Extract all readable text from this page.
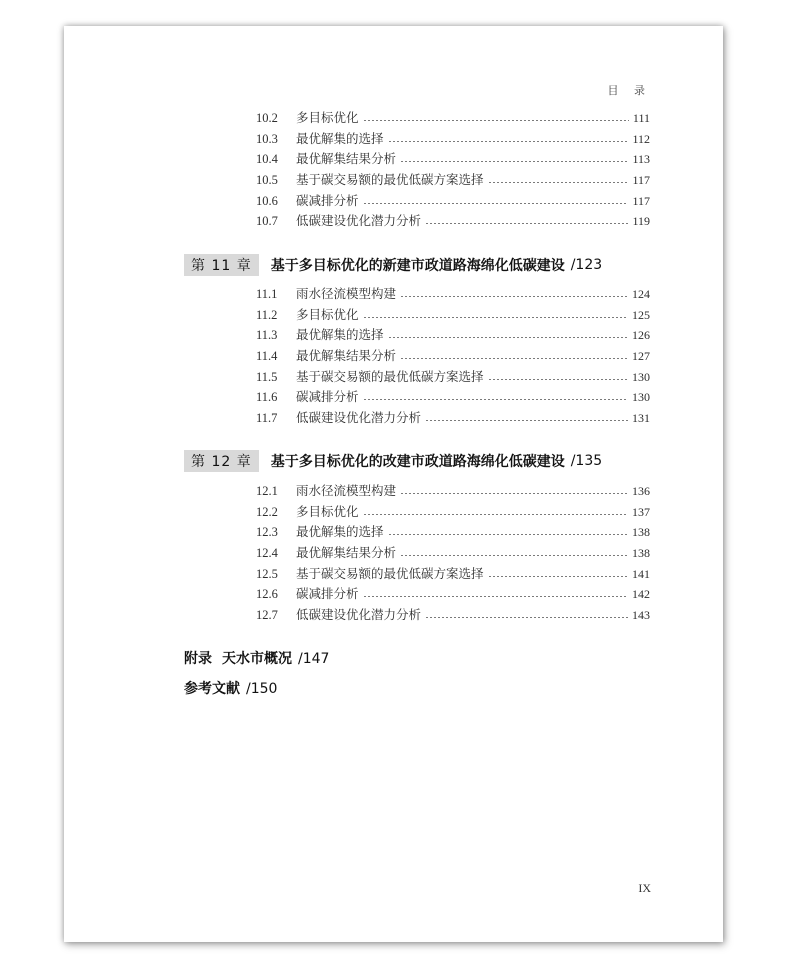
目 录
10.2	多目标优化	111
10.3	最优解集的选择	112
10.4	最优解集结果分析	113
10.5	基于碳交易额的最优低碳方案选择	117
10.6	碳减排分析	117
10.7	低碳建设优化潜力分析	119
第 11 章	基于多目标优化的新建市政道路海绵化低碳建设 /123
11.1	雨水径流模型构建	124
11.2	多目标优化	125
11.3	最优解集的选择	126
11.4	最优解集结果分析	127
11.5	基于碳交易额的最优低碳方案选择	130
11.6	碳减排分析	130
11.7	低碳建设优化潜力分析	131
第 12 章	基于多目标优化的改建市政道路海绵化低碳建设 /135
12.1	雨水径流模型构建	136
12.2	多目标优化	137
12.3	最优解集的选择	138
12.4	最优解集结果分析	138
12.5	基于碳交易额的最优低碳方案选择	141
12.6	碳减排分析	142
12.7	低碳建设优化潜力分析	143
附录 天水市概况 /147
参考文献 /150
IX
